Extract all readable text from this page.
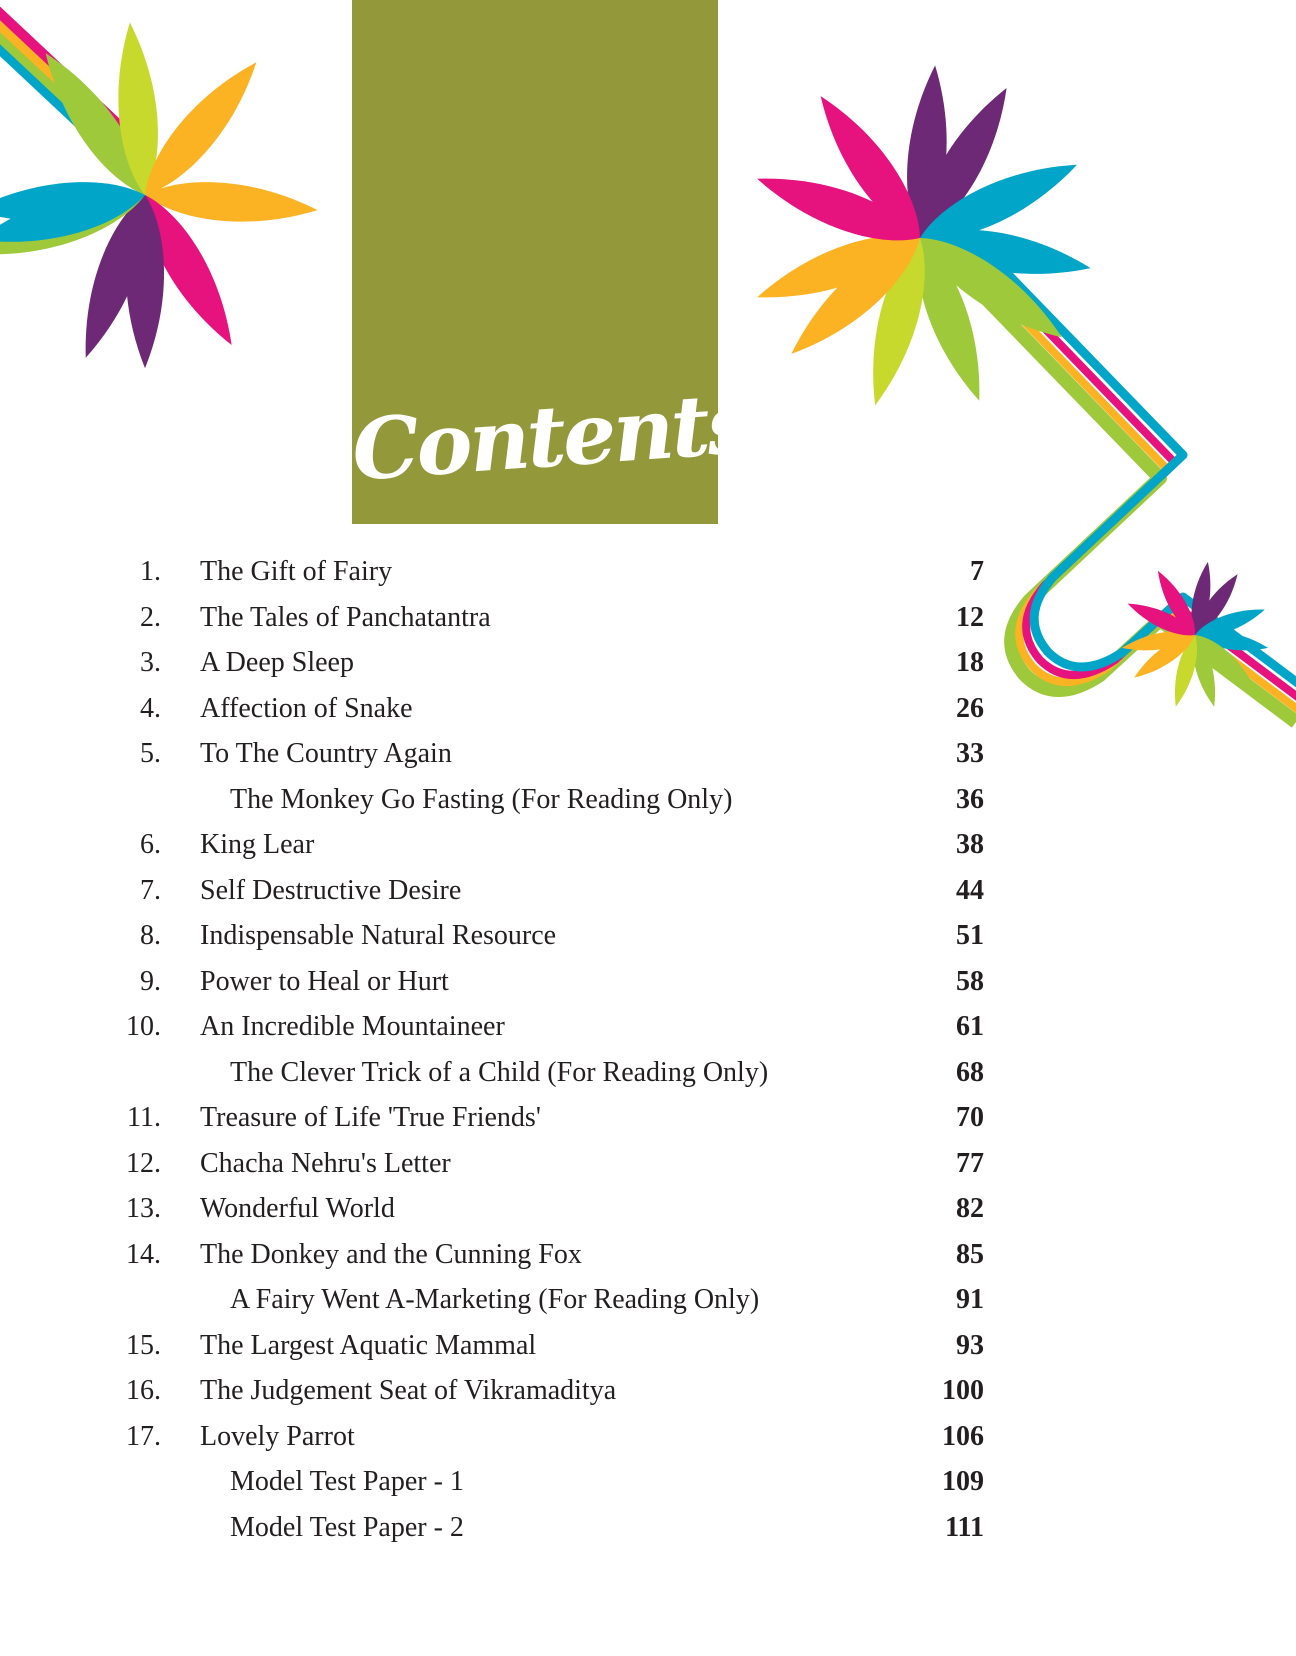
Contents
1. The Gift of Fairy	7
2. The Tales of Panchatantra	12
3. A Deep Sleep	18
4. Affection of Snake	26
5. To The Country Again	33
The Monkey Go Fasting (For Reading Only)	36
6. King Lear	38
7. Self Destructive Desire	44
8. Indispensable Natural Resource	51
9. Power to Heal or Hurt	58
10. An Incredible Mountaineer	61
The Clever Trick of a Child (For Reading Only)	68
11. Treasure of Life 'True Friends'	70
12. Chacha Nehru's Letter	77
13. Wonderful World	82
14. The Donkey and the Cunning Fox	85
A Fairy Went A-Marketing (For Reading Only)	91
15. The Largest Aquatic Mammal	93
16. The Judgement Seat of Vikramaditya	100
17. Lovely Parrot	106
Model Test Paper - 1	109
Model Test Paper - 2	111
